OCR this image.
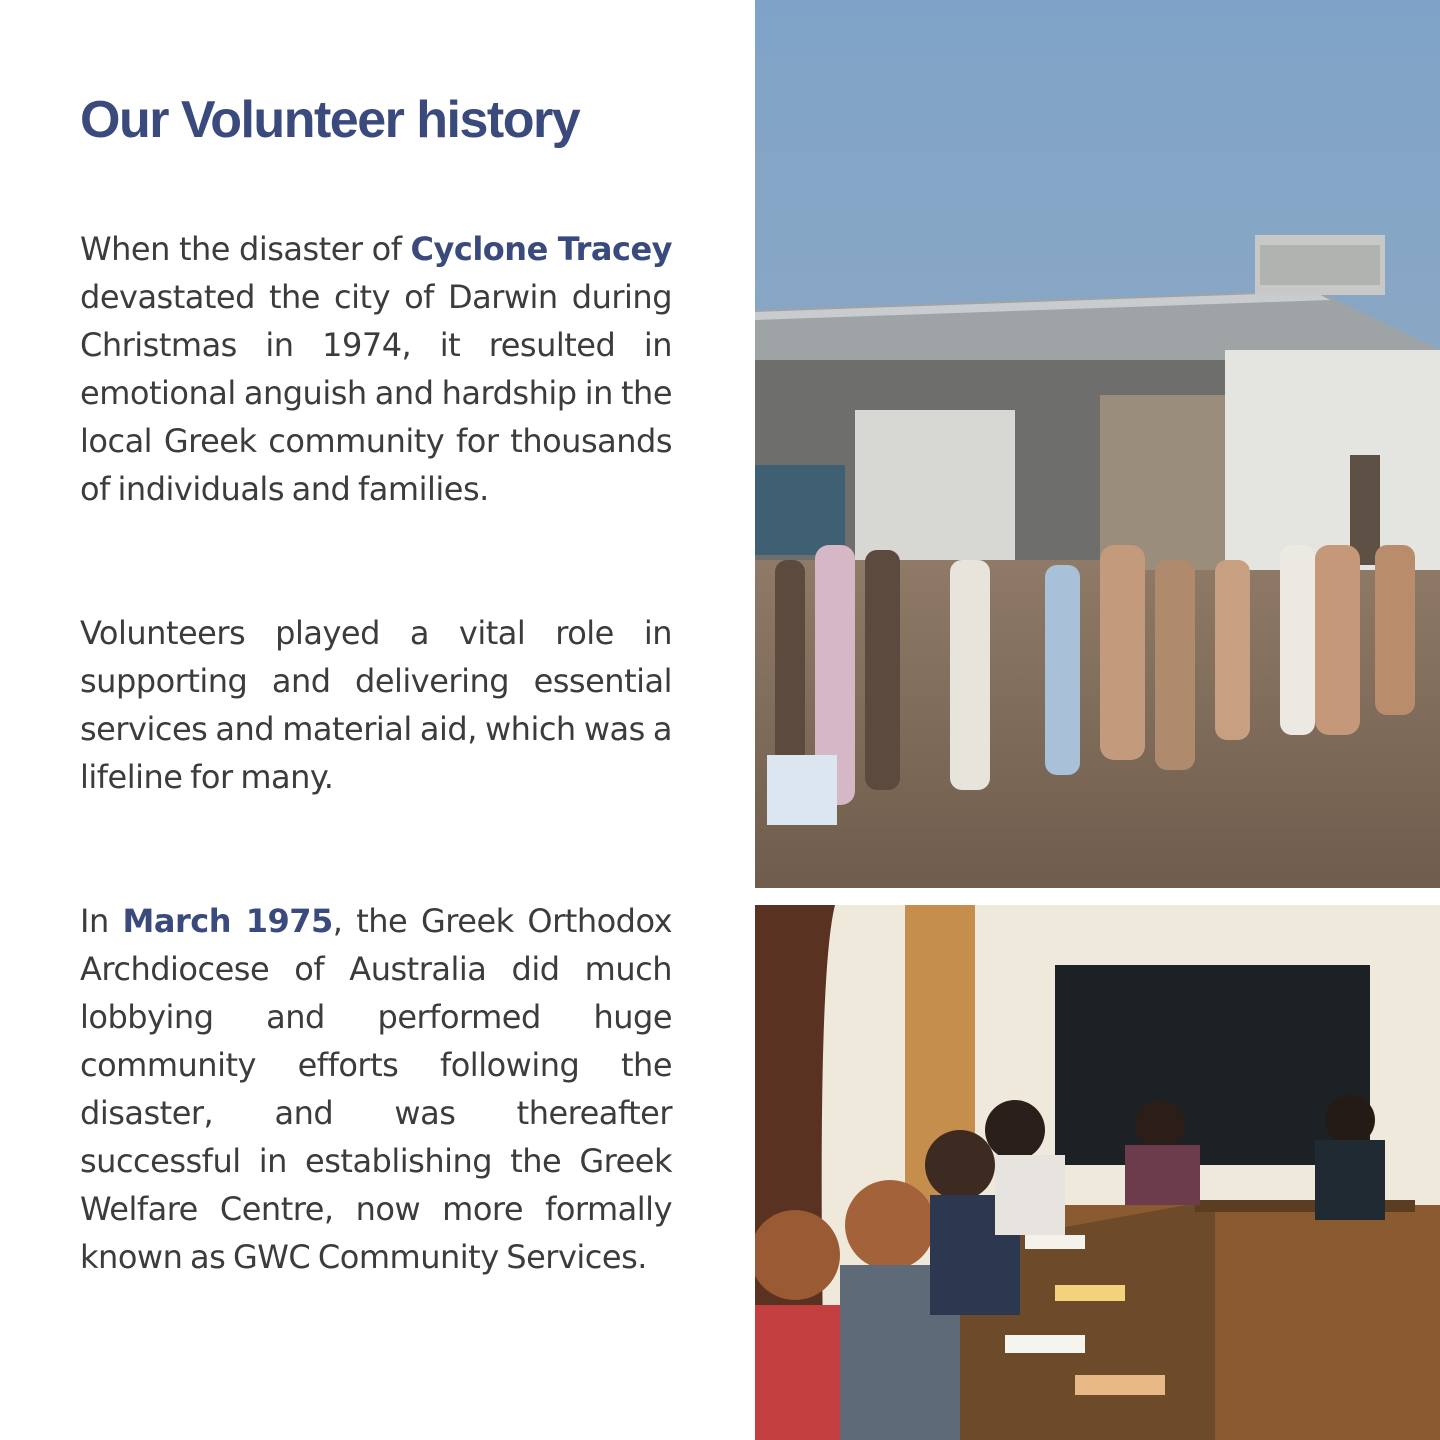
Our Volunteer history

When the disaster of Cyclone Tracey devastated the city of Darwin during Christmas in 1974, it resulted in emotional anguish and hardship in the local Greek community for thousands of individuals and families.

Volunteers played a vital role in supporting and delivering essential services and material aid, which was a lifeline for many.

In March 1975, the Greek Orthodox Archdiocese of Australia did much lobbying and performed huge community efforts following the disaster, and was thereafter successful in establishing the Greek Welfare Centre, now more formally known as GWC Community Services.
